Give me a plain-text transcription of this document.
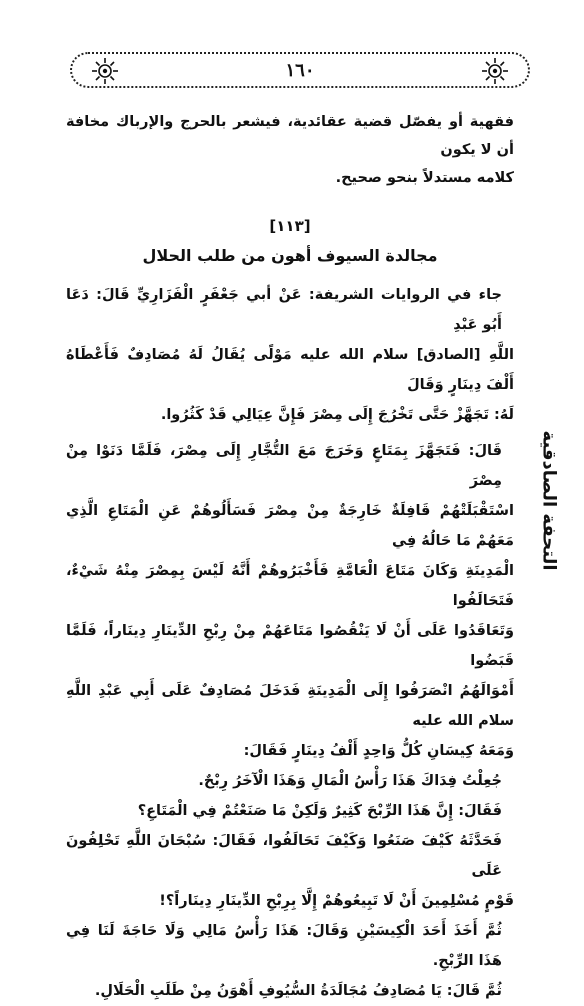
١٦٠
التحفة الصادقية

فقهية أو يفصّل قضية عقائدية، فيشعر بالحرج والإرباك مخافة أن لا يكون

كلامه مستدلاً بنحو صحيح.

[١١٣]
مجالدة السيوف أهون من طلب الحلال

جاء في الروايات الشريفة: عَنْ أبي جَعْفَرٍ الْفَزَارِيِّ قَالَ: دَعَا أَبُو عَبْدِ

اللَّهِ [الصادق] سلام الله عليه مَوْلًى يُقَالُ لَهُ مُصَادِفٌ فَأَعْطَاهُ أَلْفَ دِينَارٍ وَقَالَ

لَهُ: تَجَهَّزْ حَتَّى تَخْرُجَ إِلَى مِصْرَ فَإِنَّ عِيَالِي قَدْ كَثُرُوا.

قَالَ: فَتَجَهَّزَ بِمَتَاعٍ وَخَرَجَ مَعَ التُّجَّارِ إِلَى مِصْرَ، فَلَمَّا دَنَوْا مِنْ مِصْرَ

اسْتَقْبَلَتْهُمْ قَافِلَةٌ خَارِجَةٌ مِنْ مِصْرَ فَسَأَلُوهُمْ عَنِ الْمَتَاعِ الَّذِي مَعَهُمْ مَا حَالُهُ فِي

الْمَدِينَةِ وَكَانَ مَتَاعَ الْعَامَّةِ فَأَخْبَرُوهُمْ أَنَّهُ لَيْسَ بِمِصْرَ مِنْهُ شَيْءٌ، فَتَحَالَفُوا

وَتَعَاقَدُوا عَلَى أَنْ لَا يَنْقُصُوا مَتَاعَهُمْ مِنْ رِبْحِ الدِّينَارِ دِينَاراً، فَلَمَّا قَبَضُوا

أَمْوَالَهُمُ انْصَرَفُوا إِلَى الْمَدِينَةِ فَدَخَلَ مُصَادِفٌ عَلَى أَبِي عَبْدِ اللَّهِ سلام الله عليه

وَمَعَهُ كِيسَانِ كُلُّ وَاحِدٍ أَلْفُ دِينَارٍ فَقَالَ:

جُعِلْتُ فِدَاكَ هَذَا رَأْسُ الْمَالِ وَهَذَا الْآخَرُ رِبْحٌ.

فَقَالَ: إِنَّ هَذَا الرِّبْحَ كَثِيرٌ وَلَكِنْ مَا صَنَعْتُمْ فِي الْمَتَاعِ؟

فَحَدَّثَهُ كَيْفَ صَنَعُوا وَكَيْفَ تَحَالَفُوا، فَقَالَ: سُبْحَانَ اللَّهِ تَحْلِفُونَ عَلَى

قَوْمٍ مُسْلِمِينَ أَنْ لَا تَبِيعُوهُمْ إِلَّا بِرِبْحِ الدِّينَارِ دِينَاراً؟!

ثُمَّ أَخَذَ أَحَدَ الْكِيسَيْنِ وَقَالَ: هَذَا رَأْسُ مَالِي وَلَا حَاجَةَ لَنَا فِي هَذَا الرِّبْحِ.

ثُمَّ قَالَ: يَا مُصَادِفُ مُجَالَدَةُ السُّيُوفِ أَهْوَنُ مِنْ طَلَبِ الْحَلَالِ.
